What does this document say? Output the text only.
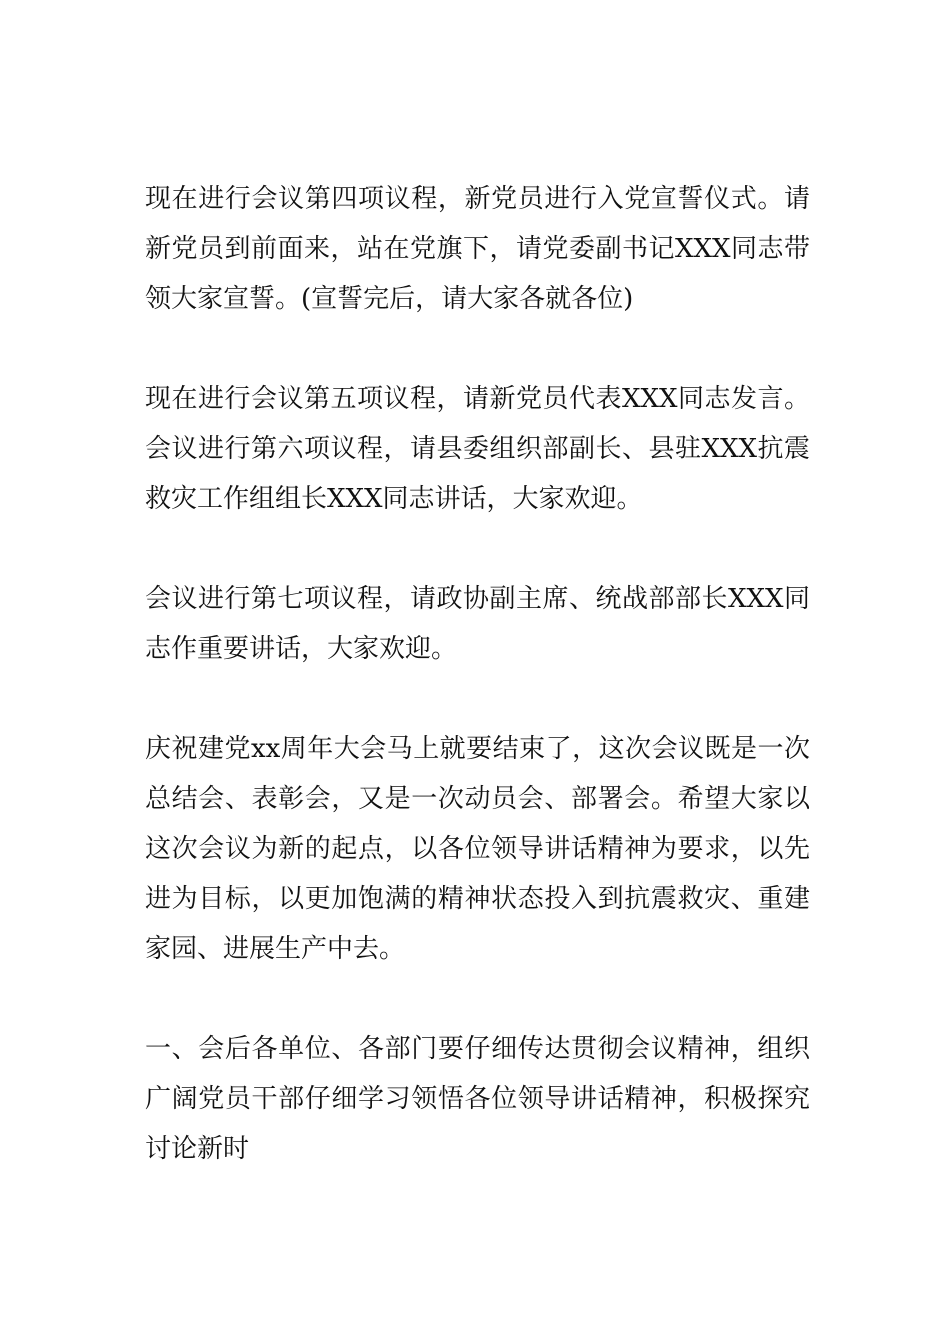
现在进行会议第四项议程，新党员进行入党宣誓仪式。请新党员到前面来，站在党旗下，请党委副书记XXX同志带领大家宣誓。(宣誓完后，请大家各就各位)

现在进行会议第五项议程，请新党员代表XXX同志发言。会议进行第六项议程，请县委组织部副长、县驻XXX抗震救灾工作组组长XXX同志讲话，大家欢迎。

会议进行第七项议程，请政协副主席、统战部部长XXX同志作重要讲话，大家欢迎。

庆祝建党xx周年大会马上就要结束了，这次会议既是一次总结会、表彰会，又是一次动员会、部署会。希望大家以这次会议为新的起点，以各位领导讲话精神为要求，以先进为目标，以更加饱满的精神状态投入到抗震救灾、重建家园、进展生产中去。

一、会后各单位、各部门要仔细传达贯彻会议精神，组织广阔党员干部仔细学习领悟各位领导讲话精神，积极探究讨论新时
